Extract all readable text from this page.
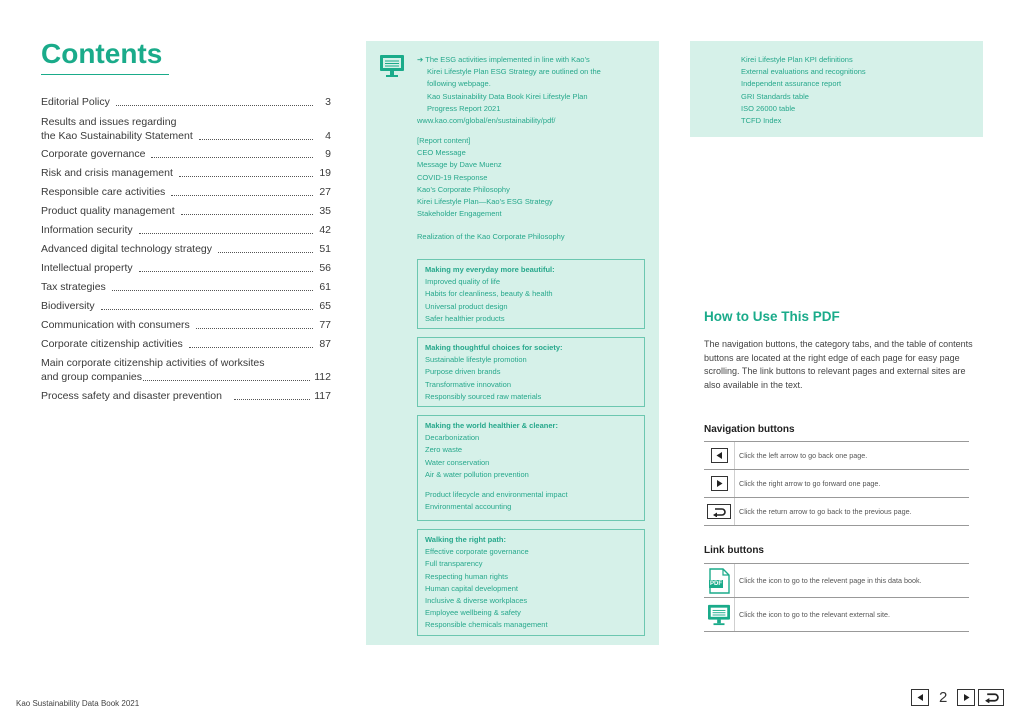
Contents
Editorial Policy	3
Results and issues regarding
the Kao Sustainability Statement	4
Corporate governance	9
Risk and crisis management	19
Responsible care activities	27
Product quality management	35
Information security	42
Advanced digital technology strategy	51
Intellectual property	56
Tax strategies	61
Biodiversity	65
Communication with consumers	77
Corporate citizenship activities	87
Main corporate citizenship activities of worksites
and group companies	112
Process safety and disaster prevention	117
➔ The ESG activities implemented in line with Kao’s
Kirei Lifestyle Plan ESG Strategy are outlined on the
following webpage.
Kao Sustainability Data Book Kirei Lifestyle Plan
Progress Report 2021
www.kao.com/global/en/sustainability/pdf/
[Report content]
CEO Message
Message by Dave Muenz
COVID-19 Response
Kao’s Corporate Philosophy
Kirei Lifestyle Plan—Kao’s ESG Strategy
Stakeholder Engagement
Realization of the Kao Corporate Philosophy
Making my everyday more beautiful:
Improved quality of life
Habits for cleanliness, beauty & health
Universal product design
Safer healthier products
Making thoughtful choices for society:
Sustainable lifestyle promotion
Purpose driven brands
Transformative innovation
Responsibly sourced raw materials
Making the world healthier & cleaner:
Decarbonization
Zero waste
Water conservation
Air & water pollution prevention
Product lifecycle and environmental impact
Environmental accounting
Walking the right path:
Effective corporate governance
Full transparency
Respecting human rights
Human capital development
Inclusive & diverse workplaces
Employee wellbeing & safety
Responsible chemicals management
Kirei Lifestyle Plan KPI definitions
External evaluations and recognitions
Independent assurance report
GRI Standards table
ISO 26000 table
TCFD Index
How to Use This PDF
The navigation buttons, the category tabs, and the table of contents buttons are located at the right edge of each page for easy page scrolling. The link buttons to relevant pages and external sites are also available in the text.
Navigation buttons
Click the left arrow to go back one page.
Click the right arrow to go forward one page.
Click the return arrow to go back to the previous page.
Link buttons
PDF	Click the icon to go to the relevent page in this data book.
Click the icon to go to the relevant external site.
Kao Sustainability Data Book 2021	2
